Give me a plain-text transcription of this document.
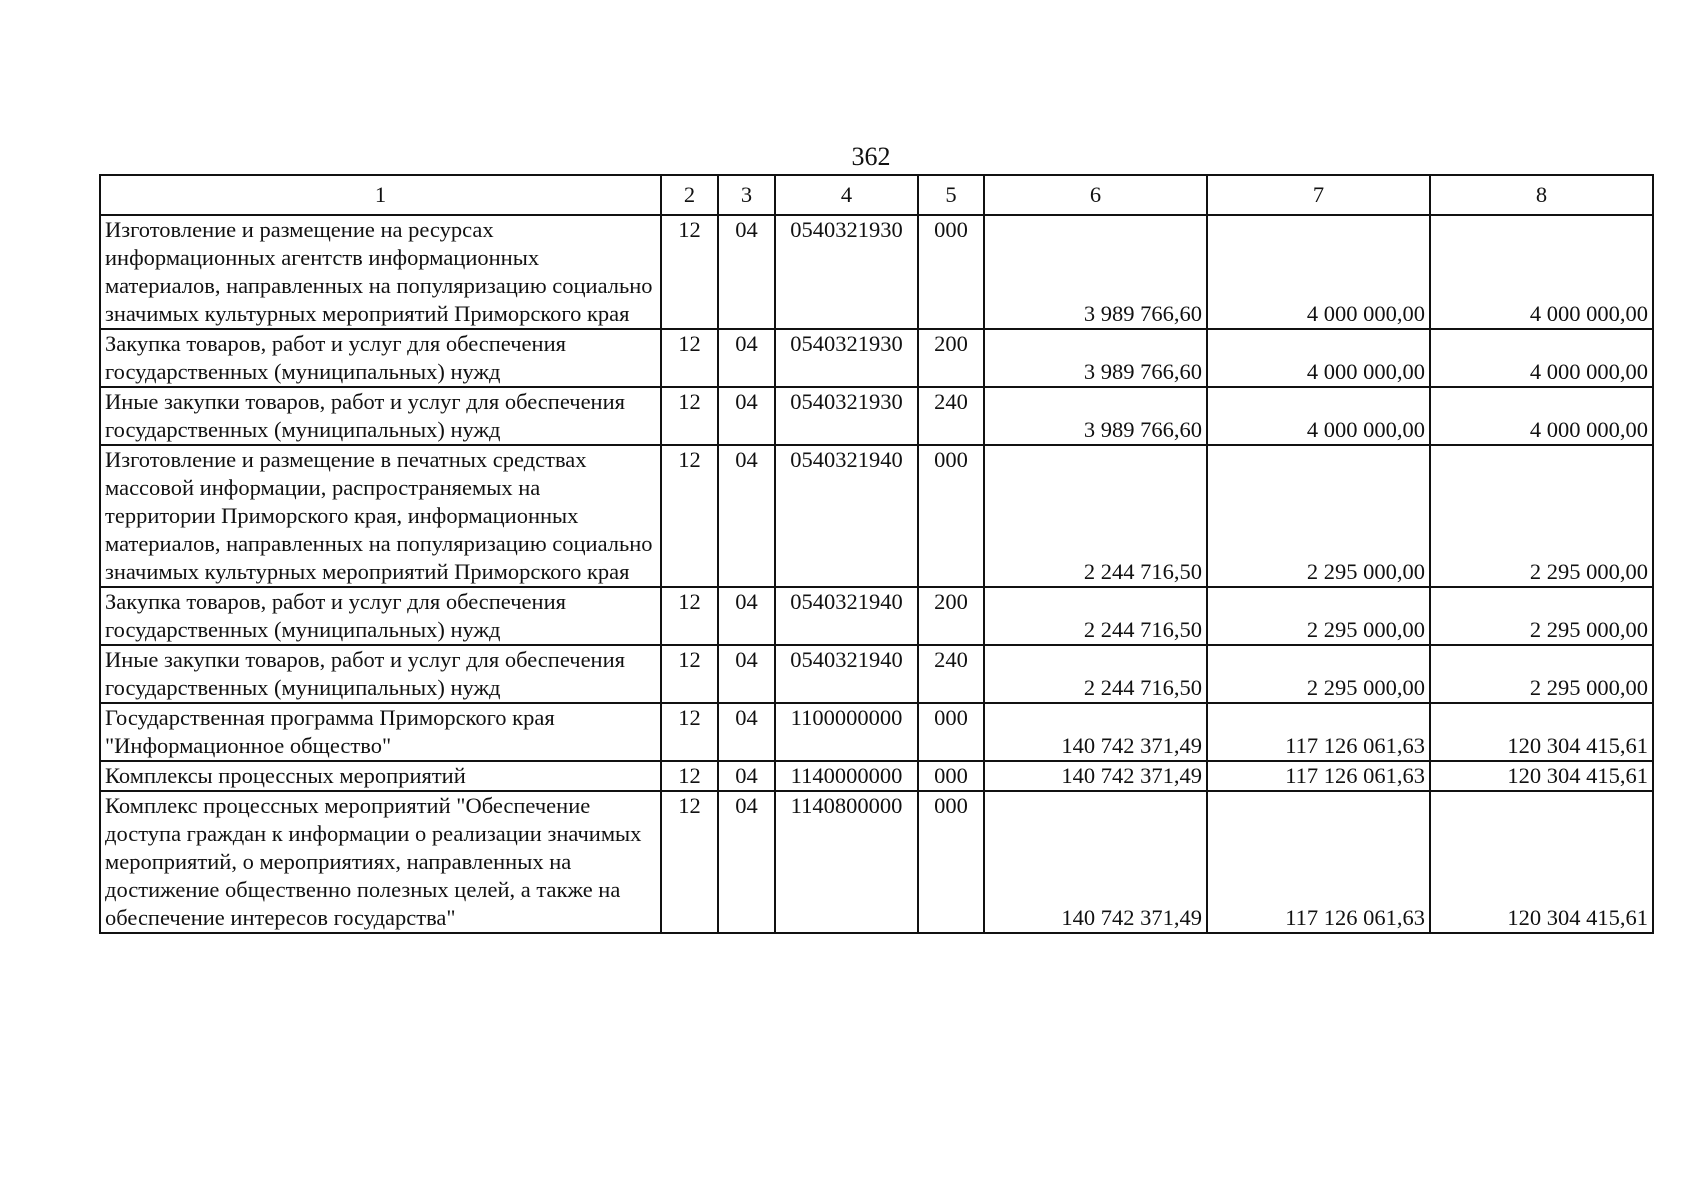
362
1	2	3	4	5	6	7	8
Изготовление и размещение на ресурсах информационных агентств информационных материалов, направленных на популяризацию социально значимых культурных мероприятий Приморского края	12	04	0540321930	000	3 989 766,60	4 000 000,00	4 000 000,00
Закупка товаров, работ и услуг для обеспечения государственных (муниципальных) нужд	12	04	0540321930	200	3 989 766,60	4 000 000,00	4 000 000,00
Иные закупки товаров, работ и услуг для обеспечения государственных (муниципальных) нужд	12	04	0540321930	240	3 989 766,60	4 000 000,00	4 000 000,00
Изготовление и размещение в печатных средствах массовой информации, распространяемых на территории Приморского края, информационных материалов, направленных на популяризацию социально значимых культурных мероприятий Приморского края	12	04	0540321940	000	2 244 716,50	2 295 000,00	2 295 000,00
Закупка товаров, работ и услуг для обеспечения государственных (муниципальных) нужд	12	04	0540321940	200	2 244 716,50	2 295 000,00	2 295 000,00
Иные закупки товаров, работ и услуг для обеспечения государственных (муниципальных) нужд	12	04	0540321940	240	2 244 716,50	2 295 000,00	2 295 000,00
Государственная программа Приморского края "Информационное общество"	12	04	1100000000	000	140 742 371,49	117 126 061,63	120 304 415,61
Комплексы процессных мероприятий	12	04	1140000000	000	140 742 371,49	117 126 061,63	120 304 415,61
Комплекс процессных мероприятий "Обеспечение доступа граждан к информации о реализации значимых мероприятий, о мероприятиях, направленных на достижение общественно полезных целей, а также на обеспечение интересов государства"	12	04	1140800000	000	140 742 371,49	117 126 061,63	120 304 415,61
